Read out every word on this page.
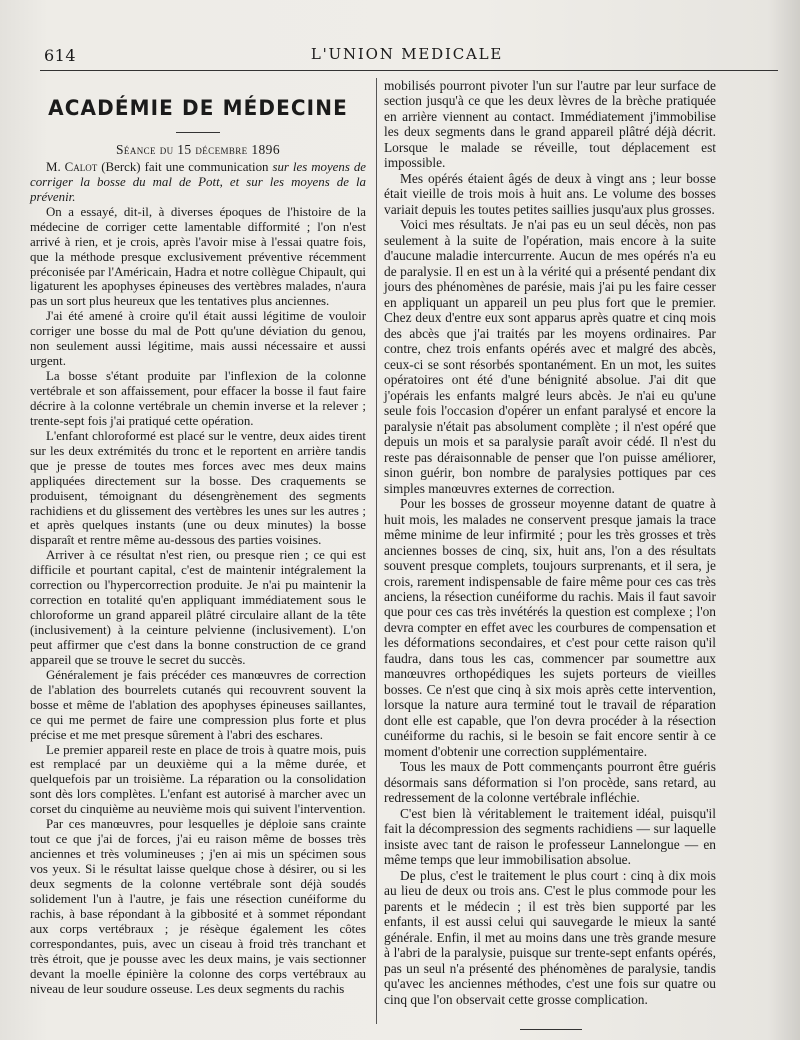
614	L'UNION MEDICALE
ACADÉMIE DE MÉDECINE
Séance du 15 décembre 1896

M. Calot (Berck) fait une communication sur les moyens de corriger la bosse du mal de Pott, et sur les moyens de la prévenir.

On a essayé, dit-il, à diverses époques de l'histoire de la médecine de corriger cette lamentable difformité ; l'on n'est arrivé à rien, et je crois, après l'avoir mise à l'essai quatre fois, que la méthode presque exclusivement préventive récemment préconisée par l'Américain, Hadra et notre collègue Chipault, qui ligaturent les apophyses épineuses des vertèbres malades, n'aura pas un sort plus heureux que les tentatives plus anciennes.

J'ai été amené à croire qu'il était aussi légitime de vouloir corriger une bosse du mal de Pott qu'une déviation du genou, non seulement aussi légitime, mais aussi nécessaire et aussi urgent.

La bosse s'étant produite par l'inflexion de la colonne vertébrale et son affaissement, pour effacer la bosse il faut faire décrire à la colonne vertébrale un chemin inverse et la relever ; trente-sept fois j'ai pratiqué cette opération.

L'enfant chloroformé est placé sur le ventre, deux aides tirent sur les deux extrémités du tronc et le reportent en arrière tandis que je presse de toutes mes forces avec mes deux mains appliquées directement sur la bosse. Des craquements se produisent, témoignant du désengrènement des segments rachidiens et du glissement des vertèbres les unes sur les autres ; et après quelques instants (une ou deux minutes) la bosse disparaît et rentre même au-dessous des parties voisines.

Arriver à ce résultat n'est rien, ou presque rien ; ce qui est difficile et pourtant capital, c'est de maintenir intégralement la correction ou l'hypercorrection produite. Je n'ai pu maintenir la correction en totalité qu'en appliquant immédiatement sous le chloroforme un grand appareil plâtré circulaire allant de la tête (inclusivement) à la ceinture pelvienne (inclusivement). L'on peut affirmer que c'est dans la bonne construction de ce grand appareil que se trouve le secret du succès.

Généralement je fais précéder ces manœuvres de correction de l'ablation des bourrelets cutanés qui recouvrent souvent la bosse et même de l'ablation des apophyses épineuses saillantes, ce qui me permet de faire une compression plus forte et plus précise et me met presque sûrement à l'abri des eschares.

Le premier appareil reste en place de trois à quatre mois, puis est remplacé par un deuxième qui a la même durée, et quelquefois par un troisième. La réparation ou la consolidation sont dès lors complètes. L'enfant est autorisé à marcher avec un corset du cinquième au neuvième mois qui suivent l'intervention.

Par ces manœuvres, pour lesquelles je déploie sans crainte tout ce que j'ai de forces, j'ai eu raison même de bosses très anciennes et très volumineuses ; j'en ai mis un spécimen sous vos yeux. Si le résultat laisse quelque chose à désirer, ou si les deux segments de la colonne vertébrale sont déjà soudés solidement l'un à l'autre, je fais une résection cunéiforme du rachis, à base répondant à la gibbosité et à sommet répondant aux corps vertébraux ; je résèque également les côtes correspondantes, puis, avec un ciseau à froid très tranchant et très étroit, que je pousse avec les deux mains, je vais sectionner devant la moelle épinière la colonne des corps vertébraux au niveau de leur soudure osseuse. Les deux segments du rachis

mobilisés pourront pivoter l'un sur l'autre par leur surface de section jusqu'à ce que les deux lèvres de la brèche pratiquée en arrière viennent au contact. Immédiatement j'immobilise les deux segments dans le grand appareil plâtré déjà décrit. Lorsque le malade se réveille, tout déplacement est impossible.

Mes opérés étaient âgés de deux à vingt ans ; leur bosse était vieille de trois mois à huit ans. Le volume des bosses variait depuis les toutes petites saillies jusqu'aux plus grosses.

Voici mes résultats. Je n'ai pas eu un seul décès, non pas seulement à la suite de l'opération, mais encore à la suite d'aucune maladie intercurrente. Aucun de mes opérés n'a eu de paralysie. Il en est un à la vérité qui a présenté pendant dix jours des phénomènes de parésie, mais j'ai pu les faire cesser en appliquant un appareil un peu plus fort que le premier. Chez deux d'entre eux sont apparus après quatre et cinq mois des abcès que j'ai traités par les moyens ordinaires. Par contre, chez trois enfants opérés avec et malgré des abcès, ceux-ci se sont résorbés spontanément. En un mot, les suites opératoires ont été d'une bénignité absolue. J'ai dit que j'opérais les enfants malgré leurs abcès. Je n'ai eu qu'une seule fois l'occasion d'opérer un enfant paralysé et encore la paralysie n'était pas absolument complète ; il n'est opéré que depuis un mois et sa paralysie paraît avoir cédé. Il n'est du reste pas déraisonnable de penser que l'on puisse améliorer, sinon guérir, bon nombre de paralysies pottiques par ces simples manœuvres externes de correction.

Pour les bosses de grosseur moyenne datant de quatre à huit mois, les malades ne conservent presque jamais la trace même minime de leur infirmité ; pour les très grosses et très anciennes bosses de cinq, six, huit ans, l'on a des résultats souvent presque complets, toujours surprenants, et il sera, je crois, rarement indispensable de faire même pour ces cas très anciens, la résection cunéiforme du rachis. Mais il faut savoir que pour ces cas très invétérés la question est complexe ; l'on devra compter en effet avec les courbures de compensation et les déformations secondaires, et c'est pour cette raison qu'il faudra, dans tous les cas, commencer par soumettre aux manœuvres orthopédiques les sujets porteurs de vieilles bosses. Ce n'est que cinq à six mois après cette intervention, lorsque la nature aura terminé tout le travail de réparation dont elle est capable, que l'on devra procéder à la résection cunéiforme du rachis, si le besoin se fait encore sentir à ce moment d'obtenir une correction supplémentaire.

Tous les maux de Pott commençants pourront être guéris désormais sans déformation si l'on procède, sans retard, au redressement de la colonne vertébrale infléchie.

C'est bien là véritablement le traitement idéal, puisqu'il fait la décompression des segments rachidiens — sur laquelle insiste avec tant de raison le professeur Lannelongue — en même temps que leur immobilisation absolue.

De plus, c'est le traitement le plus court : cinq à dix mois au lieu de deux ou trois ans. C'est le plus commode pour les parents et le médecin ; il est très bien supporté par les enfants, il est aussi celui qui sauvegarde le mieux la santé générale. Enfin, il met au moins dans une très grande mesure à l'abri de la paralysie, puisque sur trente-sept enfants opérés, pas un seul n'a présenté des phénomènes de paralysie, tandis qu'avec les anciennes méthodes, c'est une fois sur quatre ou cinq que l'on observait cette grosse complication.
